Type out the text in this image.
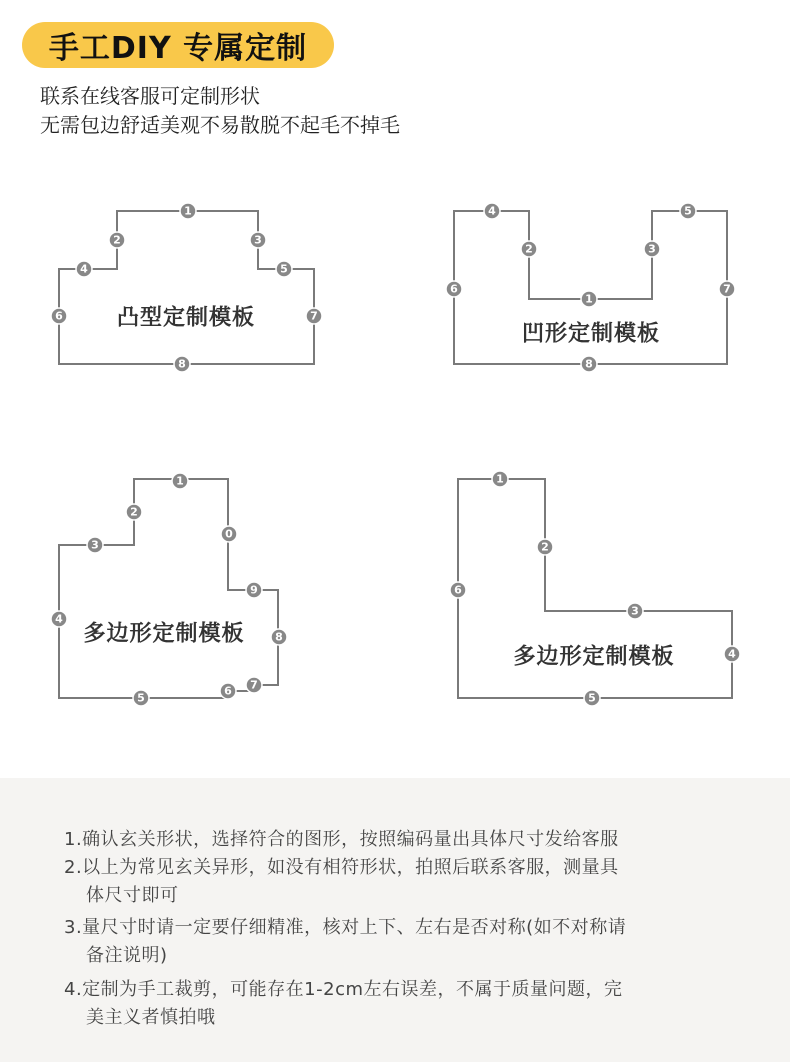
手工DIY 专属定制
联系在线客服可定制形状
无需包边舒适美观不易散脱不起毛不掉毛
1
2	3
4	5
6	7
8
凸型定制模板
4	5
2	3
6	7
1
8
凹形定制模板
1
2
0
3
9
4
8
7
6
5
多边形定制模板
1
2
6
3
4
5
多边形定制模板
1.确认玄关形状，选择符合的图形，按照编码量出具体尺寸发给客服
2.以上为常见玄关异形，如没有相符形状，拍照后联系客服，测量具
体尺寸即可
3.量尺寸时请一定要仔细精准，核对上下、左右是否对称(如不对称请
备注说明)
4.定制为手工裁剪，可能存在1-2cm左右误差，不属于质量问题，完
美主义者慎拍哦
